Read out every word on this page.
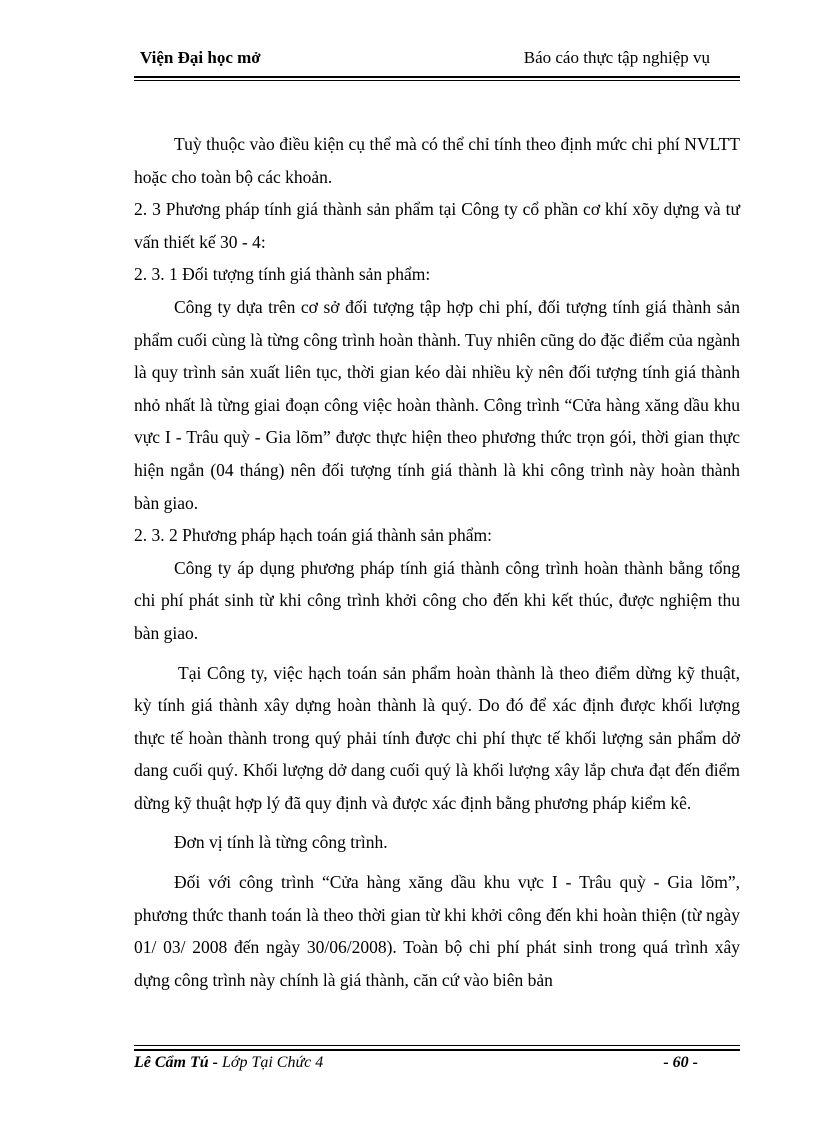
Viện Đại học mở	Báo cáo thực tập nghiệp vụ

Tuỳ thuộc vào điều kiện cụ thể mà có thể chỉ tính theo định mức chi phí NVLTT hoặc cho toàn bộ các khoản.

2. 3 Phương pháp tính giá thành sản phẩm tại Công ty cổ phần cơ khí xõy dựng và tư vấn thiết kế 30 - 4:

2. 3. 1 Đối tượng tính giá thành sản phẩm:

Công ty dựa trên cơ sở đối tượng tập hợp chi phí, đối tượng tính giá thành sản phẩm cuối cùng là từng công trình hoàn thành. Tuy nhiên cũng do đặc điểm của ngành là quy trình sản xuất liên tục, thời gian kéo dài nhiều kỳ nên đối tượng tính giá thành nhỏ nhất là từng giai đoạn công việc hoàn thành. Công trình “Cửa hàng xăng dầu khu vực I - Trâu quỳ - Gia lõm” được thực hiện theo phương thức trọn gói, thời gian thực hiện ngắn (04 tháng) nên đối tượng tính giá thành là khi công trình này hoàn thành bàn giao.

2. 3. 2 Phương pháp hạch toán giá thành sản phẩm:

Công ty áp dụng phương pháp tính giá thành công trình hoàn thành bằng tổng chi phí phát sinh từ khi công trình khởi công cho đến khi kết thúc, được nghiệm thu bàn giao.

Tại Công ty, việc hạch toán sản phẩm hoàn thành là theo điểm dừng kỹ thuật, kỳ tính giá thành xây dựng hoàn thành là quý. Do đó để xác định được khối lượng thực tế hoàn thành trong quý phải tính được chi phí thực tế khối lượng sản phẩm dở dang cuối quý. Khối lượng dở dang cuối quý là khối lượng xây lắp chưa đạt đến điểm dừng kỹ thuật hợp lý đã quy định và được xác định bằng phương pháp kiểm kê.

Đơn vị tính là từng công trình.

Đối với công trình “Cửa hàng xăng dầu khu vực I - Trâu quỳ - Gia lõm”, phương thức thanh toán là theo thời gian từ khi khởi công đến khi hoàn thiện (từ ngày 01/ 03/ 2008 đến ngày 30/06/2008). Toàn bộ chi phí phát sinh trong quá trình xây dựng công trình này chính là giá thành, căn cứ vào biên bản

Lê Cẩm Tú - Lớp Tại Chức 4	- 60 -
